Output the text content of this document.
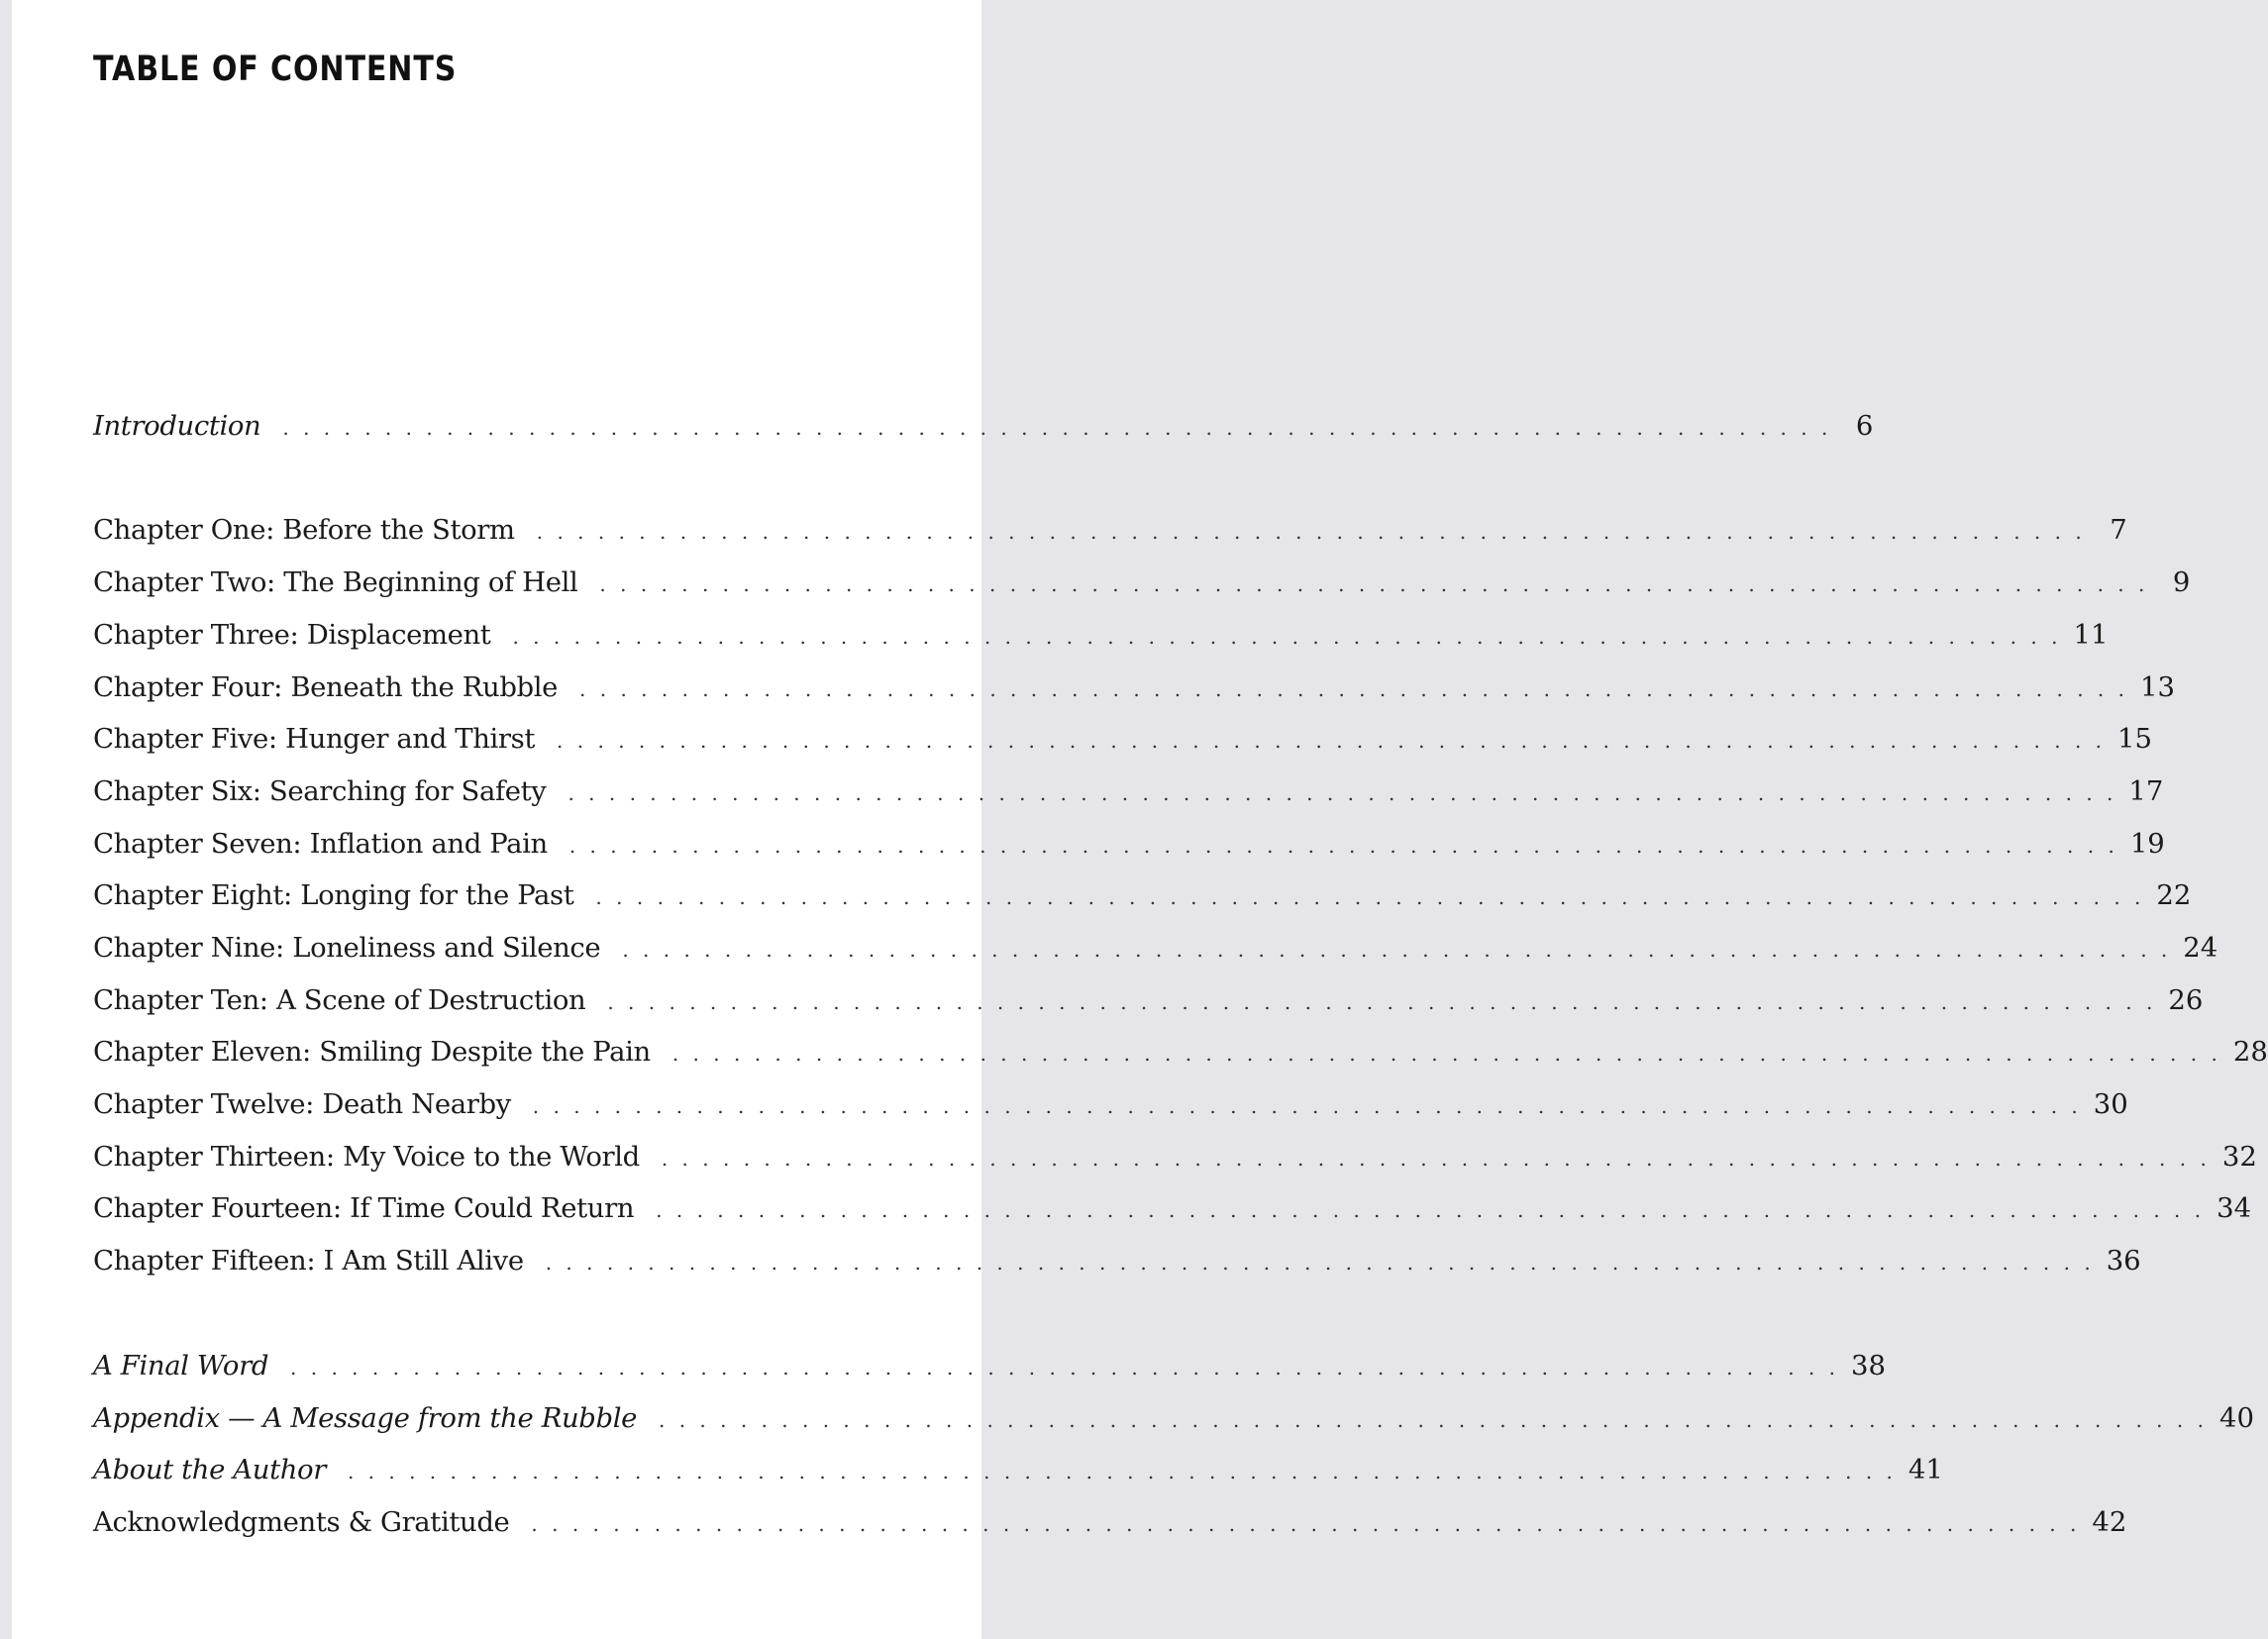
TABLE OF CONTENTS
Introduction . . . . . . . . . . . . . . . . . . . . . . . . . . . . . . . . . . . . . . . . . . . . . . . . . . . . . . . . . . . . . . . . . . . . . . . . . . . . 6
Chapter One: Before the Storm . . . . . . . . . . . . . . . . . . . . . . . . . . . . . . . . . . . . . . . . . . . . . . . . . . . . . . . . . . . . . . . . . . . . . . . . . . . . 7
Chapter Two: The Beginning of Hell . . . . . . . . . . . . . . . . . . . . . . . . . . . . . . . . . . . . . . . . . . . . . . . . . . . . . . . . . . . . . . . . . . . . . . . . . . . . 9
Chapter Three: Displacement . . . . . . . . . . . . . . . . . . . . . . . . . . . . . . . . . . . . . . . . . . . . . . . . . . . . . . . . . . . . . . . . . . . . . . . . . . . . 11
Chapter Four: Beneath the Rubble . . . . . . . . . . . . . . . . . . . . . . . . . . . . . . . . . . . . . . . . . . . . . . . . . . . . . . . . . . . . . . . . . . . . . . . . . . . . 13
Chapter Five: Hunger and Thirst . . . . . . . . . . . . . . . . . . . . . . . . . . . . . . . . . . . . . . . . . . . . . . . . . . . . . . . . . . . . . . . . . . . . . . . . . . . . 15
Chapter Six: Searching for Safety . . . . . . . . . . . . . . . . . . . . . . . . . . . . . . . . . . . . . . . . . . . . . . . . . . . . . . . . . . . . . . . . . . . . . . . . . . . . 17
Chapter Seven: Inflation and Pain . . . . . . . . . . . . . . . . . . . . . . . . . . . . . . . . . . . . . . . . . . . . . . . . . . . . . . . . . . . . . . . . . . . . . . . . . . . . 19
Chapter Eight: Longing for the Past . . . . . . . . . . . . . . . . . . . . . . . . . . . . . . . . . . . . . . . . . . . . . . . . . . . . . . . . . . . . . . . . . . . . . . . . . . . . 22
Chapter Nine: Loneliness and Silence . . . . . . . . . . . . . . . . . . . . . . . . . . . . . . . . . . . . . . . . . . . . . . . . . . . . . . . . . . . . . . . . . . . . . . . . . . . . 24
Chapter Ten: A Scene of Destruction . . . . . . . . . . . . . . . . . . . . . . . . . . . . . . . . . . . . . . . . . . . . . . . . . . . . . . . . . . . . . . . . . . . . . . . . . . . . 26
Chapter Eleven: Smiling Despite the Pain . . . . . . . . . . . . . . . . . . . . . . . . . . . . . . . . . . . . . . . . . . . . . . . . . . . . . . . . . . . . . . . . . . . . . . . . . . . . 28
Chapter Twelve: Death Nearby . . . . . . . . . . . . . . . . . . . . . . . . . . . . . . . . . . . . . . . . . . . . . . . . . . . . . . . . . . . . . . . . . . . . . . . . . . . . 30
Chapter Thirteen: My Voice to the World . . . . . . . . . . . . . . . . . . . . . . . . . . . . . . . . . . . . . . . . . . . . . . . . . . . . . . . . . . . . . . . . . . . . . . . . . . . . 32
Chapter Fourteen: If Time Could Return . . . . . . . . . . . . . . . . . . . . . . . . . . . . . . . . . . . . . . . . . . . . . . . . . . . . . . . . . . . . . . . . . . . . . . . . . . . . 34
Chapter Fifteen: I Am Still Alive . . . . . . . . . . . . . . . . . . . . . . . . . . . . . . . . . . . . . . . . . . . . . . . . . . . . . . . . . . . . . . . . . . . . . . . . . . . . 36
A Final Word . . . . . . . . . . . . . . . . . . . . . . . . . . . . . . . . . . . . . . . . . . . . . . . . . . . . . . . . . . . . . . . . . . . . . . . . . . . . 38
Appendix — A Message from the Rubble . . . . . . . . . . . . . . . . . . . . . . . . . . . . . . . . . . . . . . . . . . . . . . . . . . . . . . . . . . . . . . . . . . . . . . . . . . . . 40
About the Author . . . . . . . . . . . . . . . . . . . . . . . . . . . . . . . . . . . . . . . . . . . . . . . . . . . . . . . . . . . . . . . . . . . . . . . . . . . . 41
Acknowledgments & Gratitude . . . . . . . . . . . . . . . . . . . . . . . . . . . . . . . . . . . . . . . . . . . . . . . . . . . . . . . . . . . . . . . . . . . . . . . . . . . . 42
